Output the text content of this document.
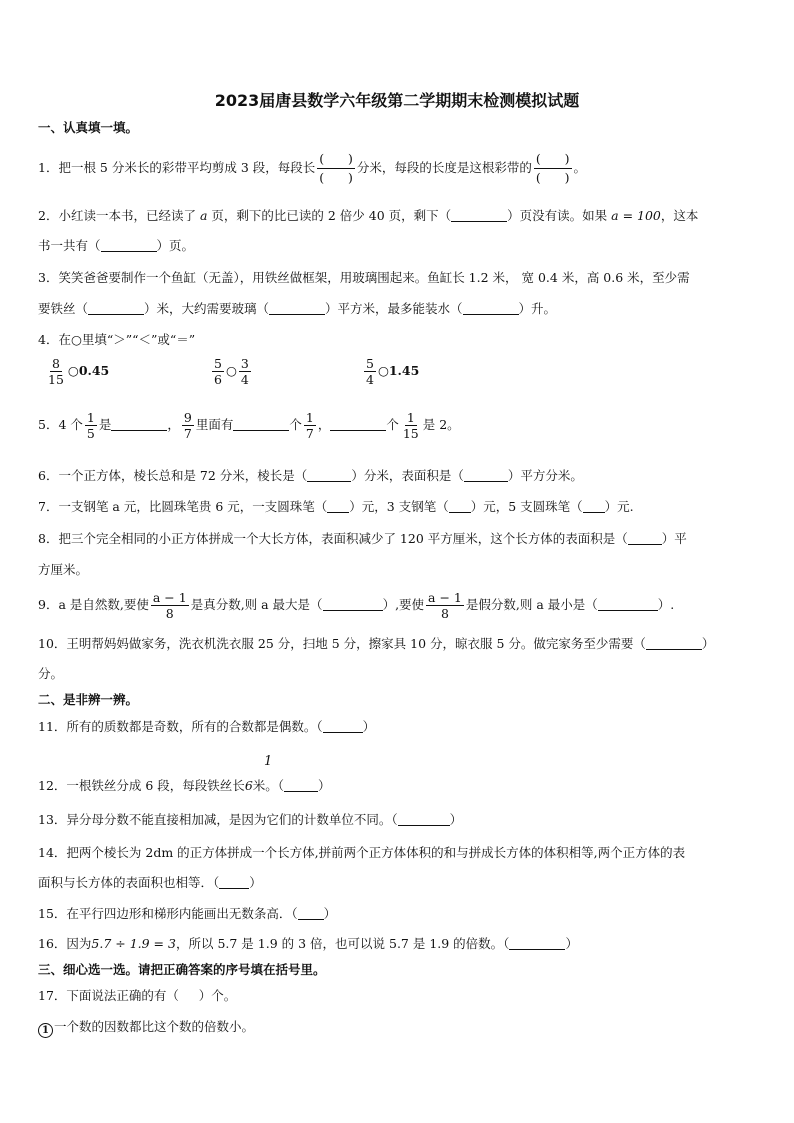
2023届唐县数学六年级第二学期期末检测模拟试题
一、认真填一填。
1．把一根 5 分米长的彩带平均剪成 3 段，每段长 $\frac{( )}{( )}$ 分米，每段的长度是这根彩带的 $\frac{( )}{( )}$ 。
2．小红读一本书，已经读了 a 页，剩下的比已读的 2 倍少 40 页，剩下（	）页没有读。如果 a = 100，这本
书一共有（	）页。
3．笑笑爸爸要制作一个鱼缸（无盖），用铁丝做框架，用玻璃围起来。鱼缸长 1.2 米， 宽 0.4 米，高 0.6 米，至少需
要铁丝（	）米，大约需要玻璃（	）平方米，最多能装水（	）升。
4．在○里填“＞”“＜”或“＝”
$\frac{8}{15}$ ○0.45	$\frac{5}{6}$ ○ $\frac{3}{4}$	$\frac{5}{4}$ ○1.45
5．4 个 $\frac{1}{5}$ 是	， $\frac{9}{7}$ 里面有	个 $\frac{1}{7}$ ，	个 $\frac{1}{15}$ 是 2。
6．一个正方体，棱长总和是 72 分米，棱长是（	）分米，表面积是（	）平方分米。
7．一支钢笔 a 元，比圆珠笔贵 6 元，一支圆珠笔（ ）元，3 支钢笔（ ）元，5 支圆珠笔（ ）元.
8．把三个完全相同的小正方体拼成一个大长方体，表面积减少了 120 平方厘米，这个长方体的表面积是（	）平
方厘米。
9．a 是自然数,要使 $\frac{a - 1}{8}$ 是真分数,则 a 最大是（	）,要使 $\frac{a - 1}{8}$ 是假分数,则 a 最小是（	）.
10．王明帮妈妈做家务，洗衣机洗衣服 25 分，扫地 5 分，擦家具 10 分，晾衣服 5 分。做完家务至少需要（	）
分。
二、是非辨一辨。
11．所有的质数都是奇数，所有的合数都是偶数。（	）
1
12．一根铁丝分成 6 段，每段铁丝长6米。（	）
13．异分母分数不能直接相加减，是因为它们的计数单位不同。（	）
14．把两个棱长为 2dm 的正方体拼成一个长方体,拼前两个正方体体积的和与拼成长方体的体积相等,两个正方体的表
面积与长方体的表面积也相等．（ ）
15．在平行四边形和梯形内能画出无数条高．（ ）
16．因为5.7 ÷ 1.9 = 3，所以 5.7 是 1.9 的 3 倍，也可以说 5.7 是 1.9 的倍数。（	）
三、细心选一选。请把正确答案的序号填在括号里。
17．下面说法正确的有（ ）个。
1 一个数的因数都比这个数的倍数小。
